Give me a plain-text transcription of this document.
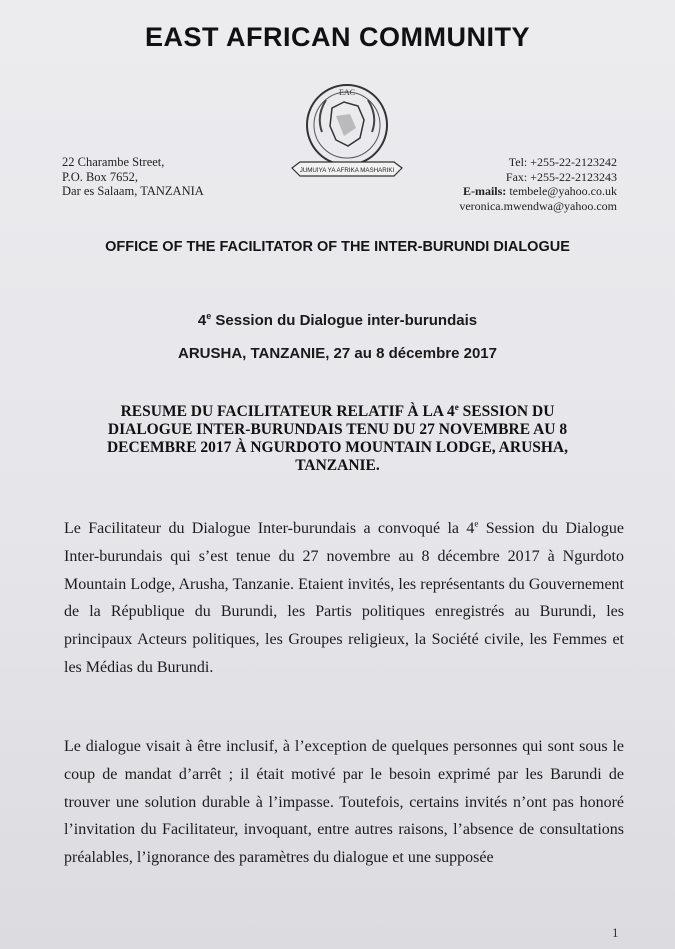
EAST AFRICAN COMMUNITY
EAC
JUMUIYA YA AFRIKA MASHARIKI
22 Charambe Street,
P.O. Box 7652,
Dar es Salaam, TANZANIA
Tel: +255-22-2123242
Fax: +255-22-2123243
E-mails: tembele@yahoo.co.uk
veronica.mwendwa@yahoo.com
OFFICE OF THE FACILITATOR OF THE INTER-BURUNDI DIALOGUE
4e Session du Dialogue inter-burundais
ARUSHA, TANZANIE, 27 au 8 décembre 2017
RESUME DU FACILITATEUR RELATIF À LA 4e SESSION DU DIALOGUE INTER-BURUNDAIS TENU DU 27 NOVEMBRE AU 8 DECEMBRE 2017 À NGURDOTO MOUNTAIN LODGE, ARUSHA, TANZANIE.
Le Facilitateur du Dialogue Inter-burundais a convoqué la 4e Session du Dialogue Inter-burundais qui s’est tenue du 27 novembre au 8 décembre 2017 à Ngurdoto Mountain Lodge, Arusha, Tanzanie. Etaient invités, les représentants du Gouvernement de la République du Burundi, les Partis politiques enregistrés au Burundi, les principaux Acteurs politiques, les Groupes religieux, la Société civile, les Femmes et les Médias du Burundi.
Le dialogue visait à être inclusif, à l’exception de quelques personnes qui sont sous le coup de mandat d’arrêt ; il était motivé par le besoin exprimé par les Barundi de trouver une solution durable à l’impasse. Toutefois, certains invités n’ont pas honoré l’invitation du Facilitateur, invoquant, entre autres raisons, l’absence de consultations préalables, l’ignorance des paramètres du dialogue et une supposée
1
